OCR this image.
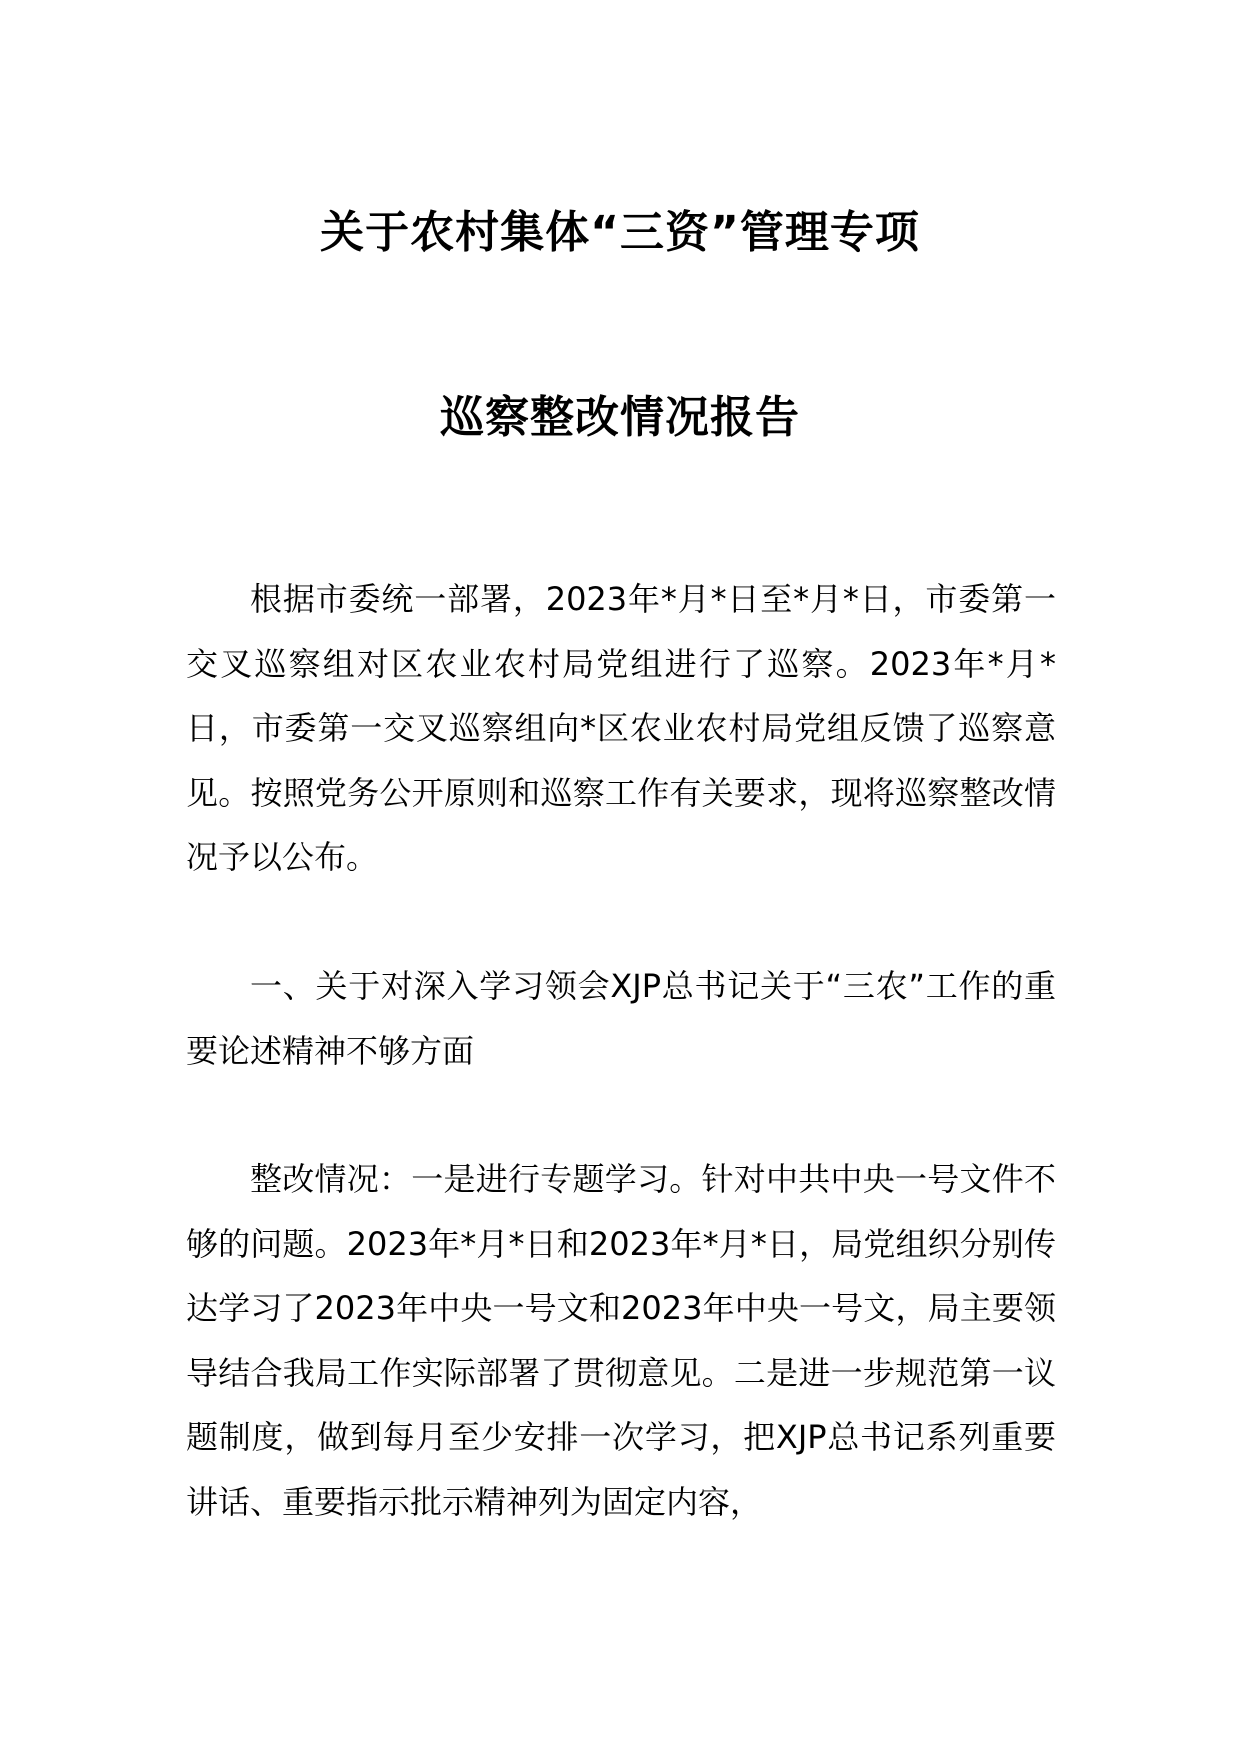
关于农村集体“三资”管理专项
巡察整改情况报告
根据市委统一部署，2023年*月*日至*月*日，市委第一交叉巡察组对区农业农村局党组进行了巡察。2023年*月*日，市委第一交叉巡察组向*区农业农村局党组反馈了巡察意见。按照党务公开原则和巡察工作有关要求，现将巡察整改情况予以公布。
一、关于对深入学习领会XJP总书记关于“三农”工作的重要论述精神不够方面
整改情况：一是进行专题学习。针对中共中央一号文件不够的问题。2023年*月*日和2023年*月*日，局党组织分别传达学习了2023年中央一号文和2023年中央一号文，局主要领导结合我局工作实际部署了贯彻意见。二是进一步规范第一议题制度，做到每月至少安排一次学习，把XJP总书记系列重要讲话、重要指示批示精神列为固定内容，
